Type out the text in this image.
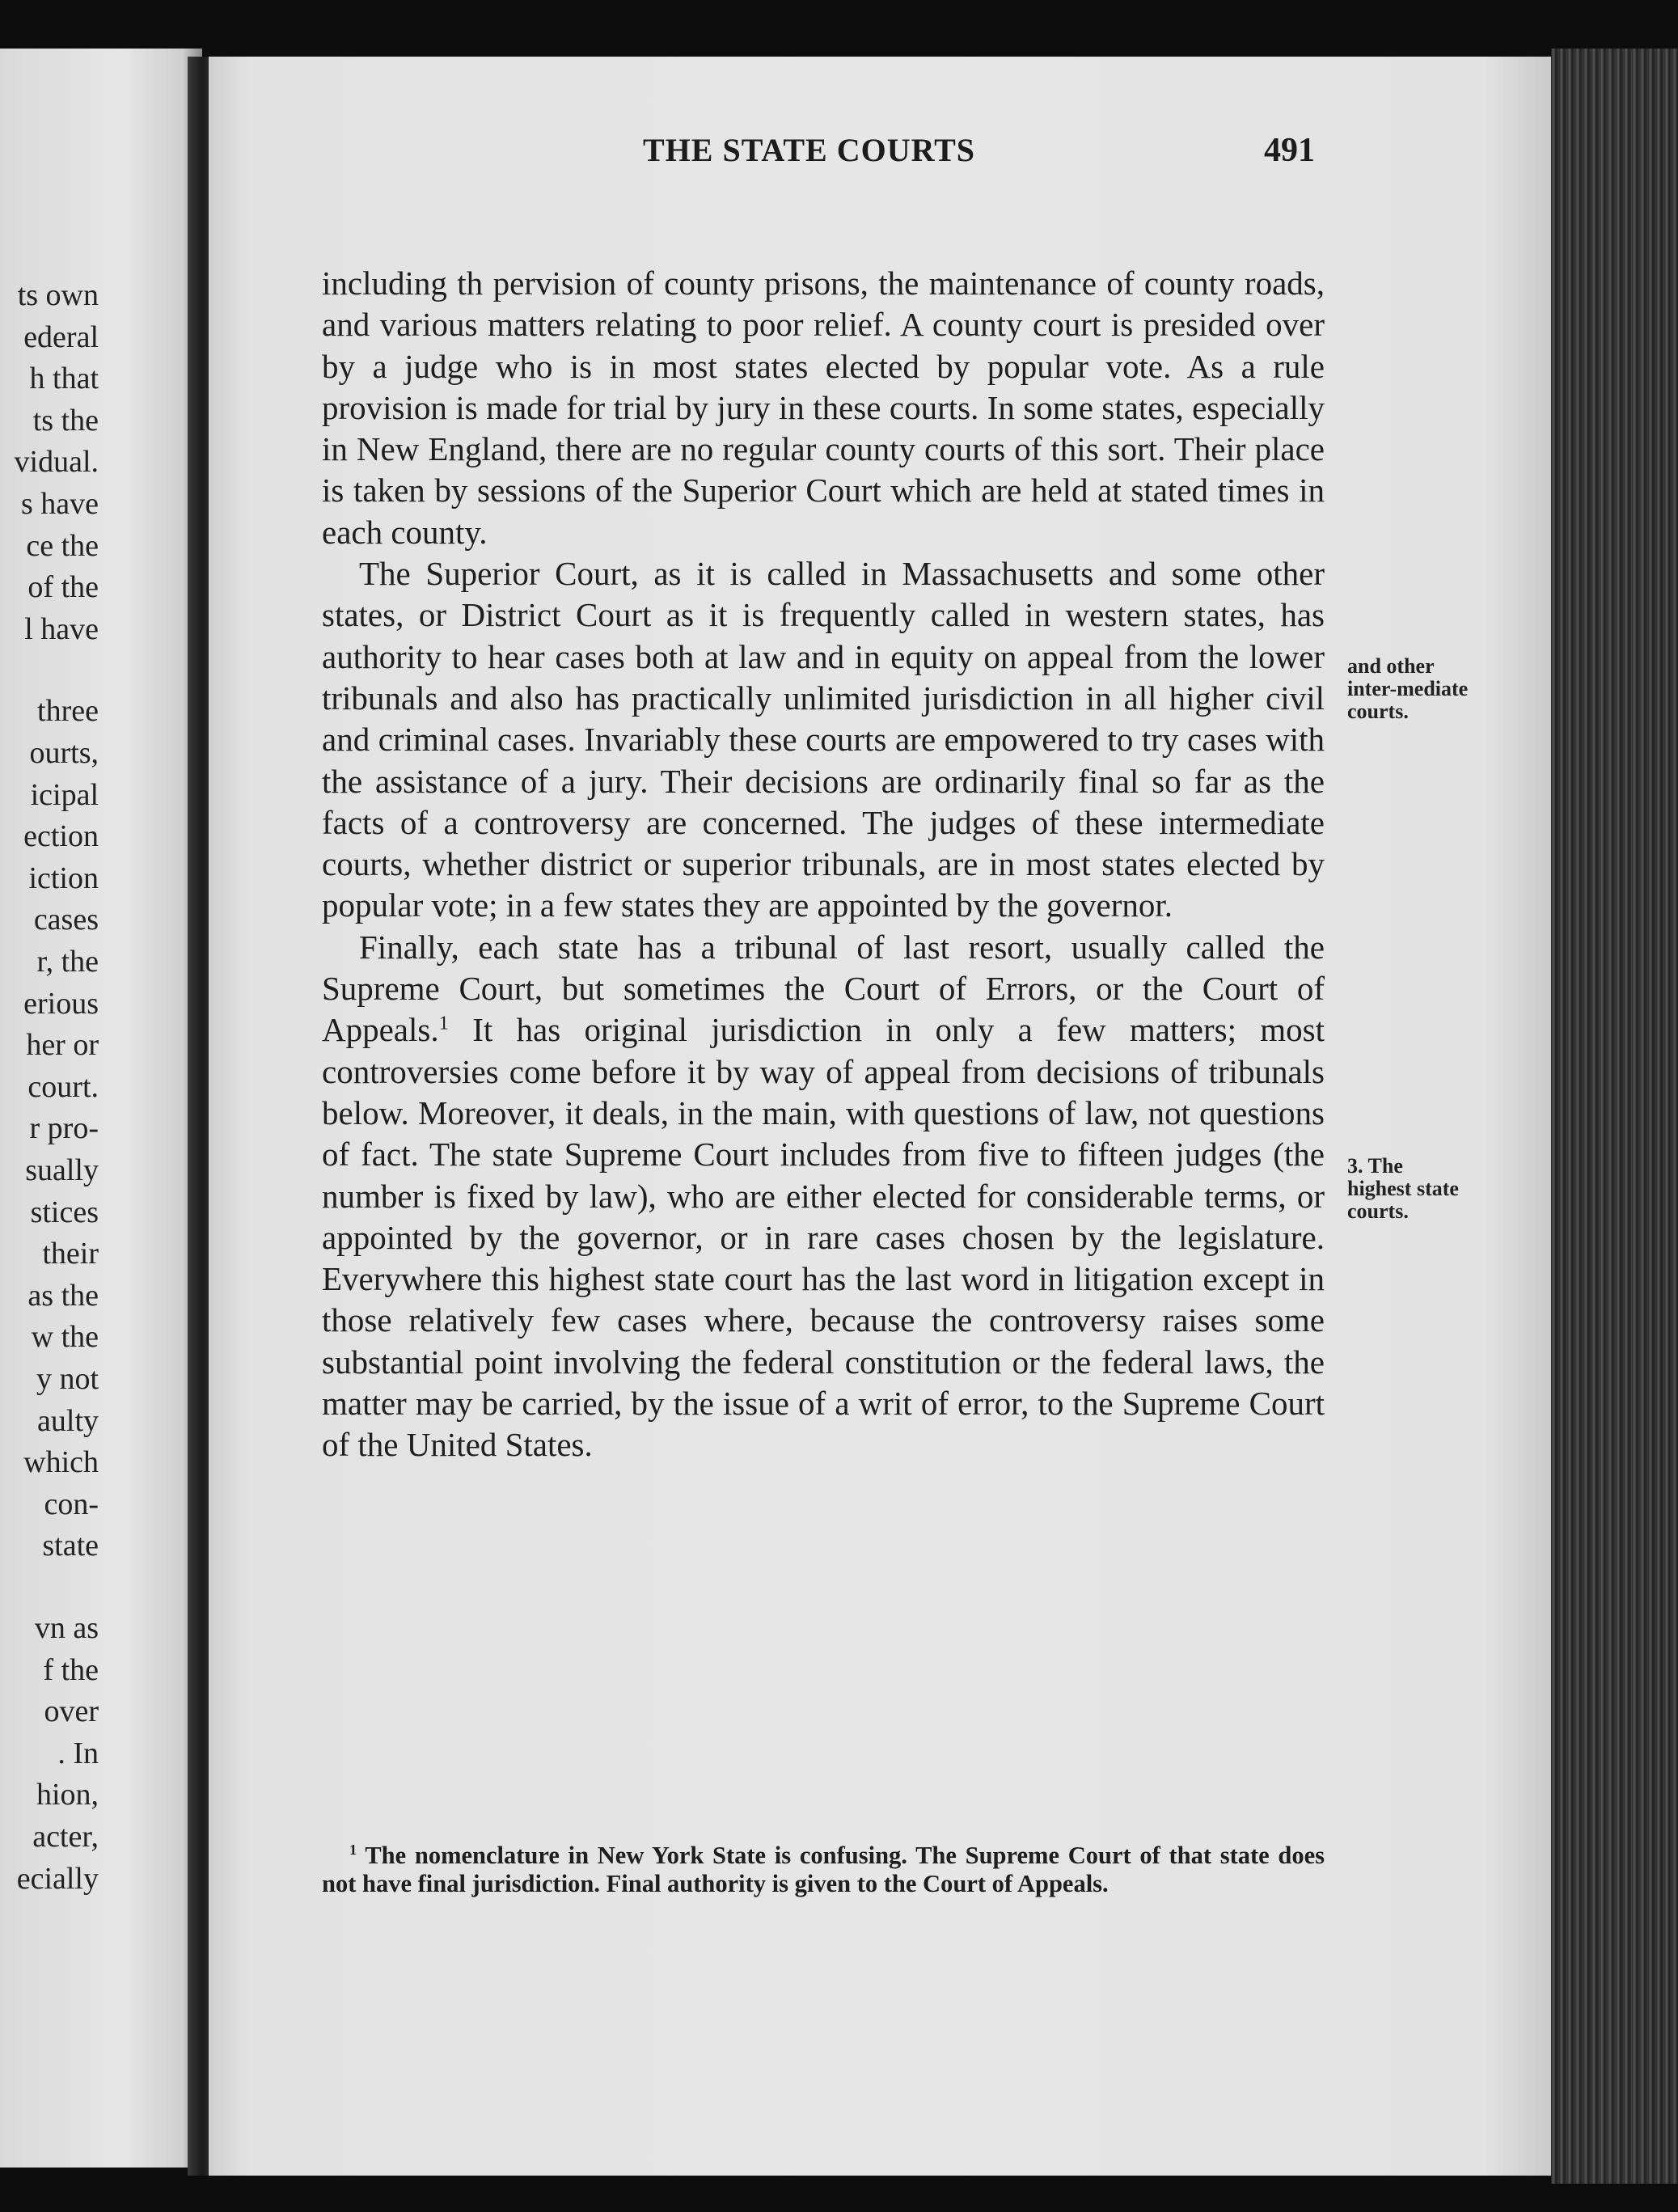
ts own
ederal
h that
ts the
vidual.
s have
ce the
of the
l have
three
ourts,
icipal
ection
iction
cases
r, the
erious
her or
court.
r pro-
sually
stices
their
as the
w the
y not
aulty
which
con-
state
vn as
f the
over
. In
hion,
acter,
ecially
THE STATE COURTS	491

including th pervision of county prisons, the maintenance of county roads, and various matters relating to poor relief. A county court is presided over by a judge who is in most states elected by popular vote. As a rule provision is made for trial by jury in these courts. In some states, especially in New England, there are no regular county courts of this sort. Their place is taken by sessions of the Superior Court which are held at stated times in each county.

The Superior Court, as it is called in Massachusetts and some other states, or District Court as it is frequently called in western states, has authority to hear cases both at law and in equity on appeal from the lower tribunals and also has practically unlimited jurisdiction in all higher civil and criminal cases. Invariably these courts are empowered to try cases with the assistance of a jury. Their decisions are ordinarily final so far as the facts of a controversy are concerned. The judges of these intermediate courts, whether district or superior tribunals, are in most states elected by popular vote; in a few states they are appointed by the governor.

Finally, each state has a tribunal of last resort, usually called the Supreme Court, but sometimes the Court of Errors, or the Court of Appeals.$^1$ It has original jurisdiction in only a few matters; most controversies come before it by way of appeal from decisions of tribunals below. Moreover, it deals, in the main, with questions of law, not questions of fact. The state Supreme Court includes from five to fifteen judges (the number is fixed by law), who are either elected for considerable terms, or appointed by the governor, or in rare cases chosen by the legislature. Everywhere this highest state court has the last word in litigation except in those relatively few cases where, because the controversy raises some substantial point involving the federal constitution or the federal laws, the matter may be carried, by the issue of a writ of error, to the Supreme Court of the United States.

and other inter-mediate courts.
3. The highest state courts.
$^1$ The nomenclature in New York State is confusing. The Supreme Court of that state does not have final jurisdiction. Final authority is given to the Court of Appeals.
